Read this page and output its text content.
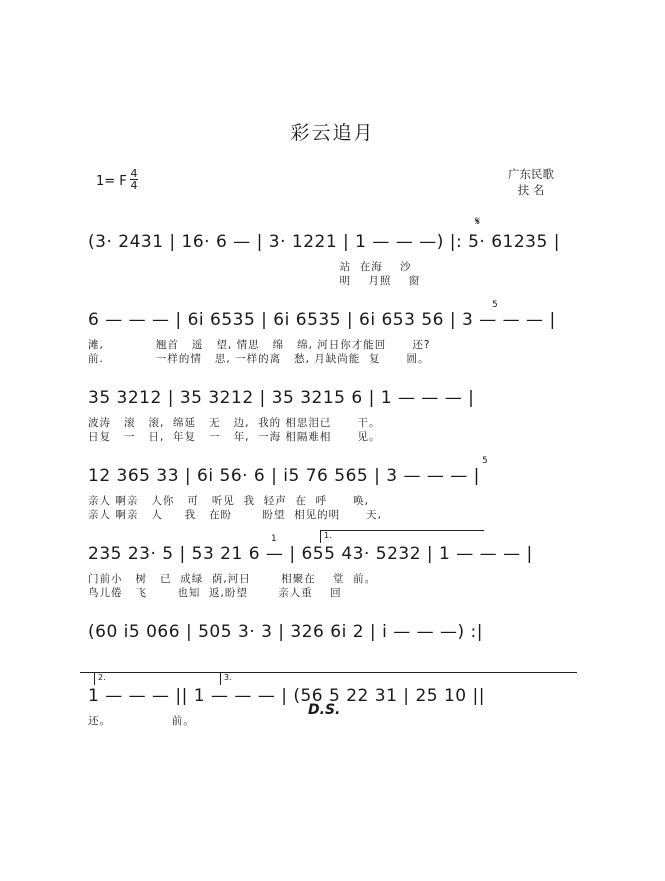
彩云追月
1= F
4
4
广东民歌
扶 名
(3· 2431 | 16· 6 — | 3· 1221 | 1 — — —) |: 5· 61235 |
站  在海    沙
明    月照    窗
𝄋
6 — — — | 6i 6535 | 6i 6535 | 6i 653 56 | 3 — — — |
滩,            翘首   遥   望, 情思   绵   绵, 河日你才能回      还?
前.            一样的情   思, 一样的离   愁, 月缺尚能  复      圆。
5
35 3212 | 35 3212 | 35 3215 6 | 1 — — — |
波涛   滚   滚,  绵延   无   边,  我的 相思泪已      干。
日复   一   日,  年复   一   年,  一海 相隔难相      见。
12 365 33 | 6i 56· 6 | i5 76 565 | 3 — — — |
亲人 啊亲   人你   可   听见  我  轻声  在  呼      唤,
亲人 啊亲   人     我   在盼       盼望  相见的明      天,
5
235 23· 5 | 53 21 6 — | 655 43· 5232 | 1 — — — |
门前小   树   已  成绿  荫,河日       相聚在    堂  前。
鸟儿倦   飞       也知  返,盼望       亲人重    回
1	1.
(60 i5 066 | 505 3· 3 | 326 6i 2 | i — — —) :|
2.	3.
1 — — — || 1 — — — | (56 5 22 31 | 25 10 ||
还。              前。
D.S.
